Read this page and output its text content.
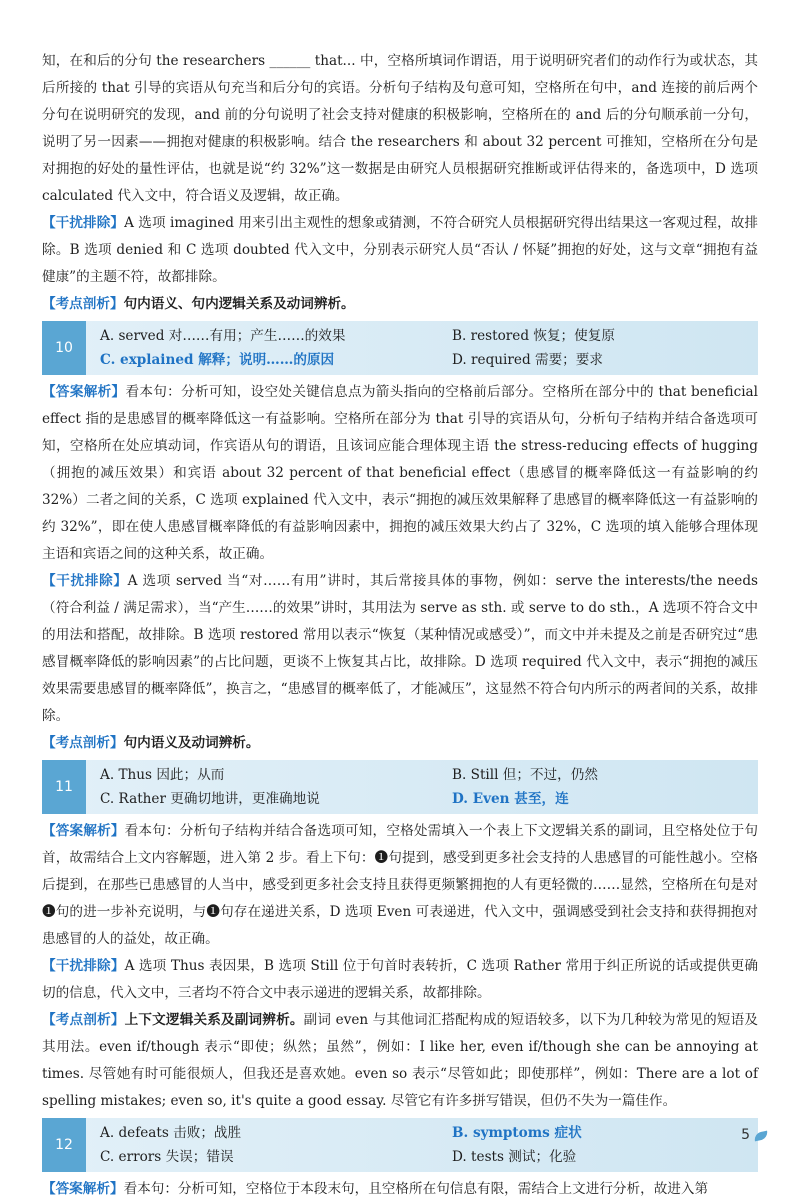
知，在和后的分句 the researchers ______ that... 中，空格所填词作谓语，用于说明研究者们的动作行为或状态，其后所接的 that 引导的宾语从句充当和后分句的宾语。分析句子结构及句意可知，空格所在句中，and 连接的前后两个分句在说明研究的发现，and 前的分句说明了社会支持对健康的积极影响，空格所在的 and 后的分句顺承前一分句，说明了另一因素——拥抱对健康的积极影响。结合 the researchers 和 about 32 percent 可推知，空格所在分句是对拥抱的好处的量性评估，也就是说“约 32%”这一数据是由研究人员根据研究推断或评估得来的，备选项中，D 选项 calculated 代入文中，符合语义及逻辑，故正确。

【干扰排除】A 选项 imagined 用来引出主观性的想象或猜测，不符合研究人员根据研究得出结果这一客观过程，故排除。B 选项 denied 和 C 选项 doubted 代入文中，分别表示研究人员“否认 / 怀疑”拥抱的好处，这与文章“拥抱有益健康”的主题不符，故都排除。

【考点剖析】句内语义、句内逻辑关系及动词辨析。

10
A. served 对……有用；产生……的效果	B. restored 恢复；使复原
C. explained 解释；说明……的原因	D. required 需要；要求

【答案解析】看本句：分析可知，设空处关键信息点为箭头指向的空格前后部分。空格所在部分中的 that beneficial effect 指的是患感冒的概率降低这一有益影响。空格所在部分为 that 引导的宾语从句，分析句子结构并结合备选项可知，空格所在处应填动词，作宾语从句的谓语，且该词应能合理体现主语 the stress-reducing effects of hugging（拥抱的减压效果）和宾语 about 32 percent of that beneficial effect（患感冒的概率降低这一有益影响的约 32%）二者之间的关系，C 选项 explained 代入文中，表示“拥抱的减压效果解释了患感冒的概率降低这一有益影响的约 32%”，即在使人患感冒概率降低的有益影响因素中，拥抱的减压效果大约占了 32%，C 选项的填入能够合理体现主语和宾语之间的这种关系，故正确。

【干扰排除】A 选项 served 当“对……有用”讲时，其后常接具体的事物，例如：serve the interests/the needs（符合利益 / 满足需求），当“产生……的效果”讲时，其用法为 serve as sth. 或 serve to do sth.，A 选项不符合文中的用法和搭配，故排除。B 选项 restored 常用以表示“恢复（某种情况或感受）”，而文中并未提及之前是否研究过“患感冒概率降低的影响因素”的占比问题，更谈不上恢复其占比，故排除。D 选项 required 代入文中，表示“拥抱的减压效果需要患感冒的概率降低”，换言之，“患感冒的概率低了，才能减压”，这显然不符合句内所示的两者间的关系，故排除。

【考点剖析】句内语义及动词辨析。

11
A. Thus 因此；从而	B. Still 但；不过，仍然
C. Rather 更确切地讲，更准确地说	D. Even 甚至，连

【答案解析】看本句：分析句子结构并结合备选项可知，空格处需填入一个表上下文逻辑关系的副词，且空格处位于句首，故需结合上文内容解题，进入第 2 步。看上下句：❶句提到，感受到更多社会支持的人患感冒的可能性越小。空格后提到，在那些已患感冒的人当中，感受到更多社会支持且获得更频繁拥抱的人有更轻微的……显然，空格所在句是对❶句的进一步补充说明，与❶句存在递进关系，D 选项 Even 可表递进，代入文中，强调感受到社会支持和获得拥抱对患感冒的人的益处，故正确。

【干扰排除】A 选项 Thus 表因果，B 选项 Still 位于句首时表转折，C 选项 Rather 常用于纠正所说的话或提供更确切的信息，代入文中，三者均不符合文中表示递进的逻辑关系，故都排除。

【考点剖析】上下文逻辑关系及副词辨析。副词 even 与其他词汇搭配构成的短语较多，以下为几种较为常见的短语及其用法。even if/though 表示“即使；纵然；虽然”，例如：I like her, even if/though she can be annoying at times. 尽管她有时可能很烦人，但我还是喜欢她。even so 表示“尽管如此；即使那样”，例如：There are a lot of spelling mistakes; even so, it's quite a good essay. 尽管它有许多拼写错误，但仍不失为一篇佳作。

12
A. defeats 击败；战胜	B. symptoms 症状
C. errors 失误；错误	D. tests 测试；化验

【答案解析】看本句：分析可知，空格位于本段末句，且空格所在句信息有限，需结合上文进行分析，故进入第

5
